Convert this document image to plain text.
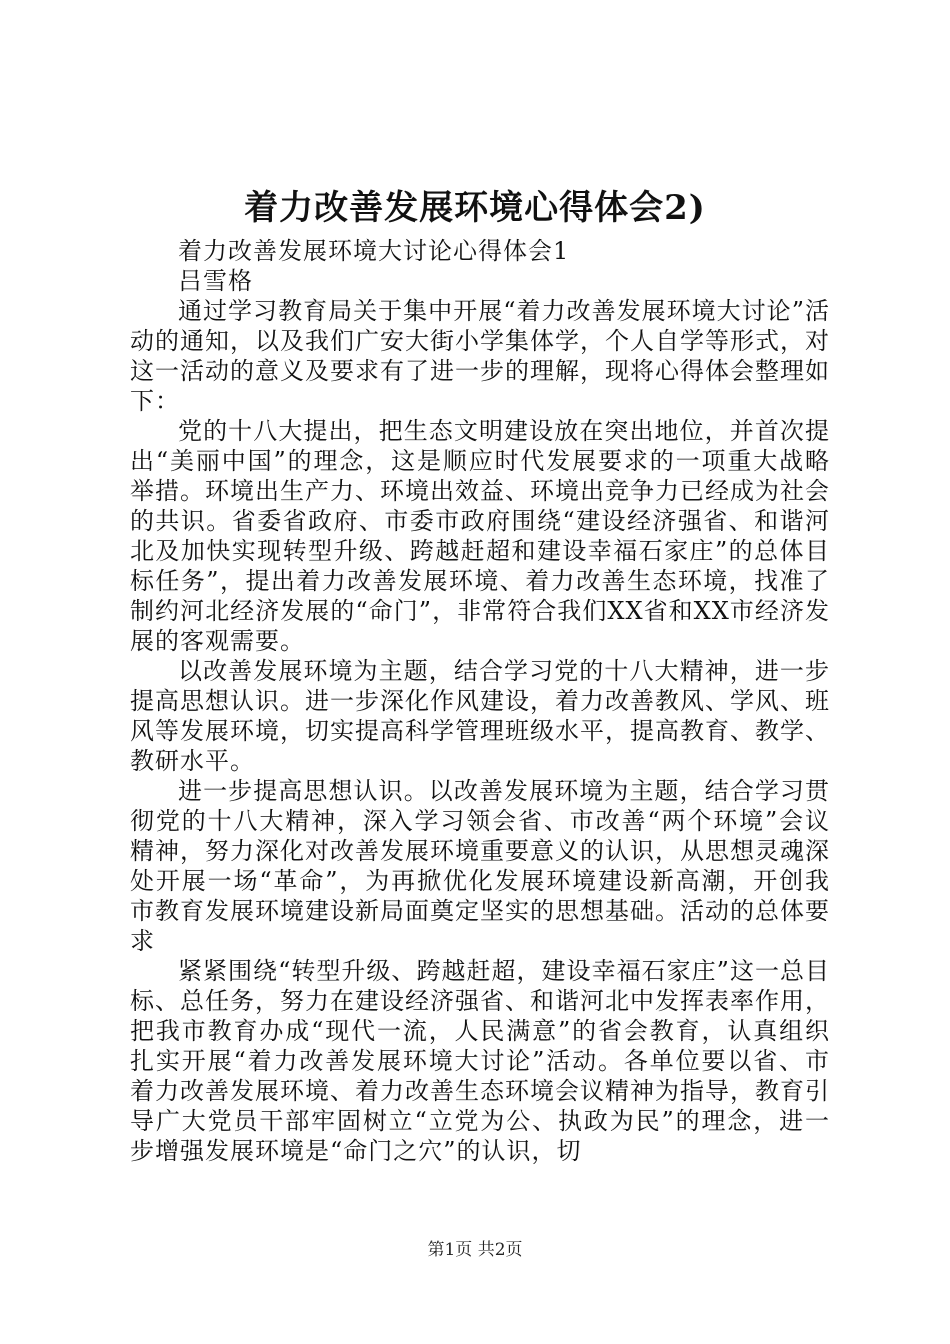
着力改善发展环境心得体会2)

着力改善发展环境大讨论心得体会1

吕雪格

通过学习教育局关于集中开展“着力改善发展环境大讨论”活动的通知，以及我们广安大街小学集体学，个人自学等形式，对这一活动的意义及要求有了进一步的理解，现将心得体会整理如下：

党的十八大提出，把生态文明建设放在突出地位，并首次提出“美丽中国”的理念，这是顺应时代发展要求的一项重大战略举措。环境出生产力、环境出效益、环境出竞争力已经成为社会的共识。省委省政府、市委市政府围绕“建设经济强省、和谐河北及加快实现转型升级、跨越赶超和建设幸福石家庄”的总体目标任务”，提出着力改善发展环境、着力改善生态环境，找准了制约河北经济发展的“命门”，非常符合我们XX省和XX市经济发展的客观需要。

以改善发展环境为主题，结合学习党的十八大精神，进一步提高思想认识。进一步深化作风建设，着力改善教风、学风、班风等发展环境，切实提高科学管理班级水平，提高教育、教学、教研水平。

进一步提高思想认识。以改善发展环境为主题，结合学习贯彻党的十八大精神，深入学习领会省、市改善“两个环境”会议精神，努力深化对改善发展环境重要意义的认识，从思想灵魂深处开展一场“革命”，为再掀优化发展环境建设新高潮，开创我市教育发展环境建设新局面奠定坚实的思想基础。活动的总体要求

紧紧围绕“转型升级、跨越赶超，建设幸福石家庄”这一总目标、总任务，努力在建设经济强省、和谐河北中发挥表率作用，把我市教育办成“现代一流，人民满意”的省会教育，认真组织扎实开展“着力改善发展环境大讨论”活动。各单位要以省、市着力改善发展环境、着力改善生态环境会议精神为指导，教育引导广大党员干部牢固树立“立党为公、执政为民”的理念，进一步增强发展环境是“命门之穴”的认识，切

第1页 共2页
